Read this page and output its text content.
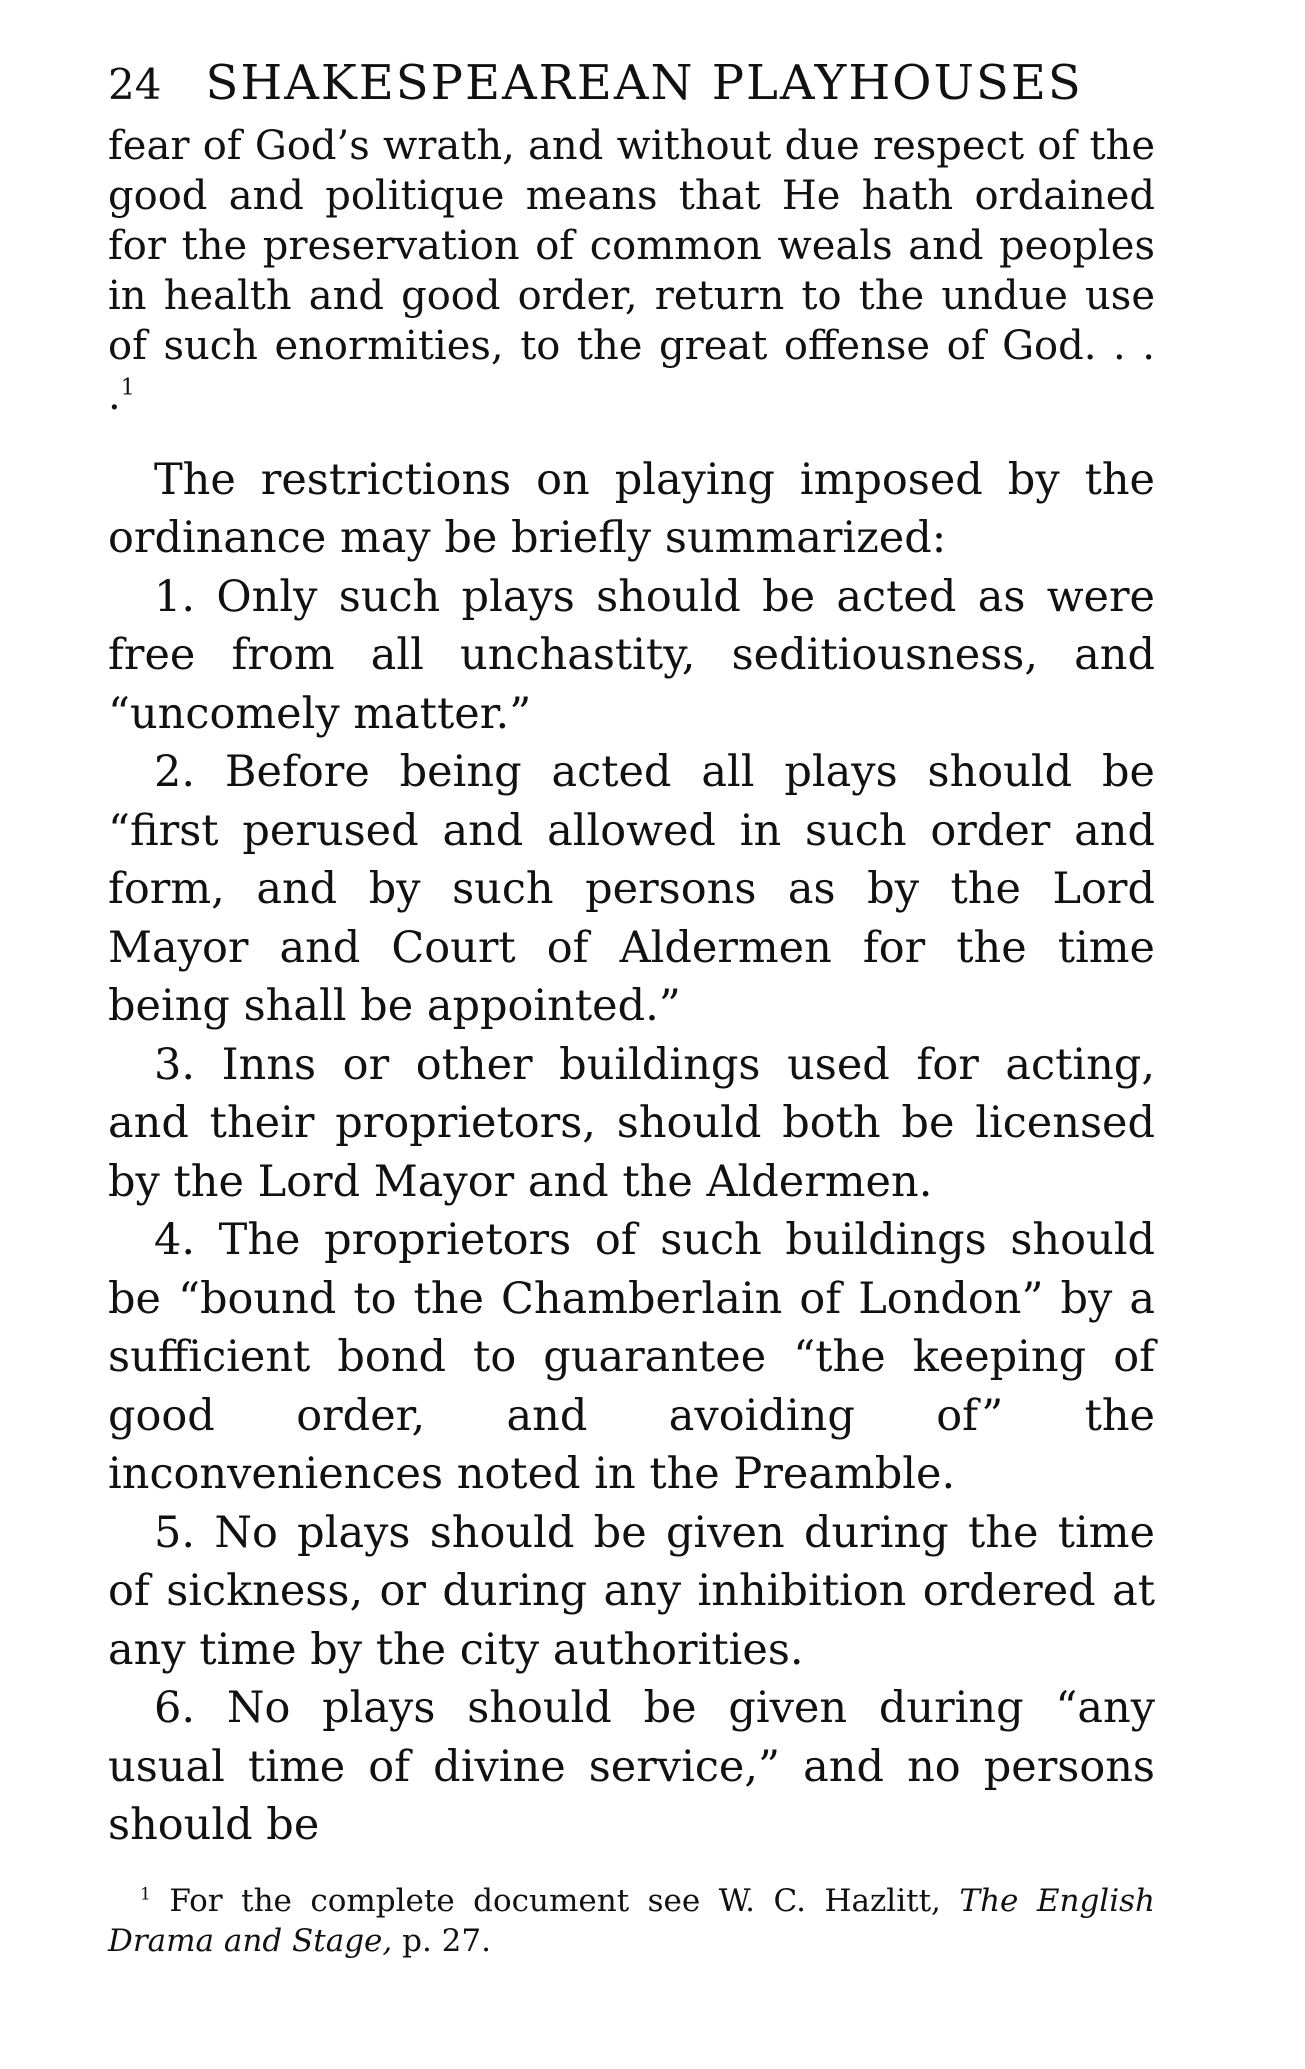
24 SHAKESPEAREAN PLAYHOUSES

fear of God’s wrath, and without due respect of the good and politique means that He hath ordained for the preservation of common weals and peoples in health and good order, return to the undue use of such enormities, to the great offense of God. . . .$^1$

The restrictions on playing imposed by the ordinance may be briefly summarized:

1. Only such plays should be acted as were free from all unchastity, seditiousness, and “uncomely matter.”

2. Before being acted all plays should be “first perused and allowed in such order and form, and by such persons as by the Lord Mayor and Court of Aldermen for the time being shall be appointed.”

3. Inns or other buildings used for acting, and their proprietors, should both be licensed by the Lord Mayor and the Aldermen.

4. The proprietors of such buildings should be “bound to the Chamberlain of London” by a sufficient bond to guarantee “the keeping of good order, and avoiding of” the inconveniences noted in the Preamble.

5. No plays should be given during the time of sickness, or during any inhibition ordered at any time by the city authorities.

6. No plays should be given during “any usual time of divine service,” and no persons should be

$^1$ For the complete document see W. C. Hazlitt, The English Drama and Stage, p. 27.
